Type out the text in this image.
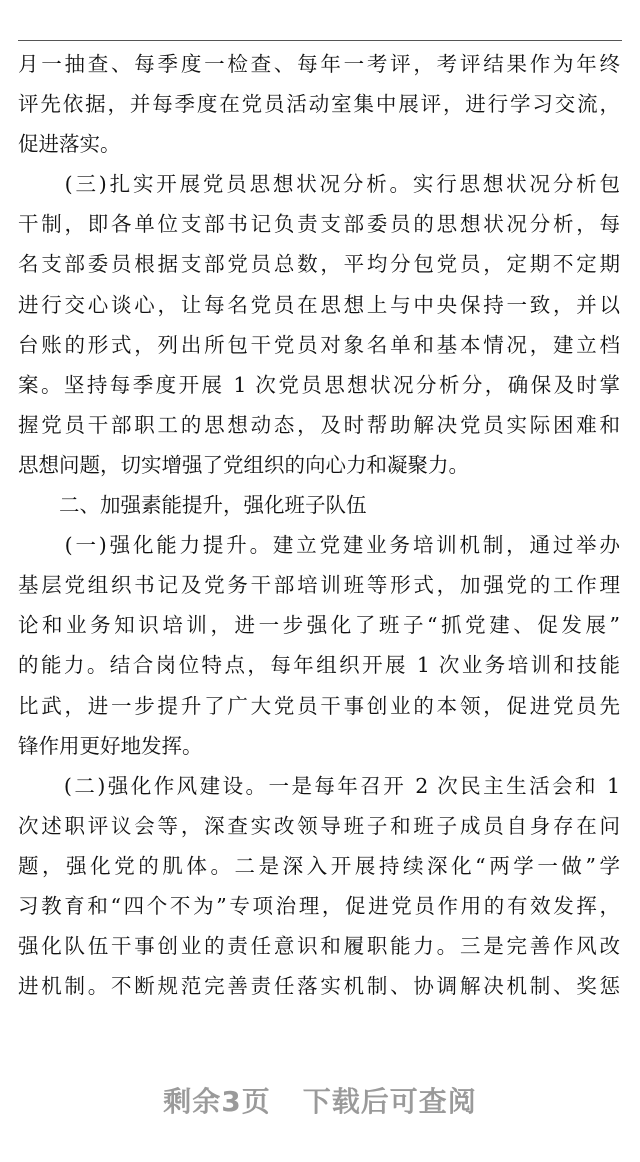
月一抽查、每季度一检查、每年一考评，考评结果作为年终
评先依据，并每季度在党员活动室集中展评，进行学习交流，
促进落实。
　　(三)扎实开展党员思想状况分析。实行思想状况分析包
干制，即各单位支部书记负责支部委员的思想状况分析，每
名支部委员根据支部党员总数，平均分包党员，定期不定期
进行交心谈心，让每名党员在思想上与中央保持一致，并以
台账的形式，列出所包干党员对象名单和基本情况，建立档
案。坚持每季度开展 1 次党员思想状况分析分，确保及时掌
握党员干部职工的思想动态，及时帮助解决党员实际困难和
思想问题，切实增强了党组织的向心力和凝聚力。
　　二、加强素能提升，强化班子队伍
　　(一)强化能力提升。建立党建业务培训机制，通过举办
基层党组织书记及党务干部培训班等形式，加强党的工作理
论和业务知识培训，进一步强化了班子“抓党建、促发展”
的能力。结合岗位特点，每年组织开展 1 次业务培训和技能
比武，进一步提升了广大党员干事创业的本领，促进党员先
锋作用更好地发挥。
　　(二)强化作风建设。一是每年召开 2 次民主生活会和 1
次述职评议会等，深查实改领导班子和班子成员自身存在问
题，强化党的肌体。二是深入开展持续深化“两学一做”学
习教育和“四个不为”专项治理，促进党员作用的有效发挥，
强化队伍干事创业的责任意识和履职能力。三是完善作风改
进机制。不断规范完善责任落实机制、协调解决机制、奖惩
剩余3页 下载后可查阅
